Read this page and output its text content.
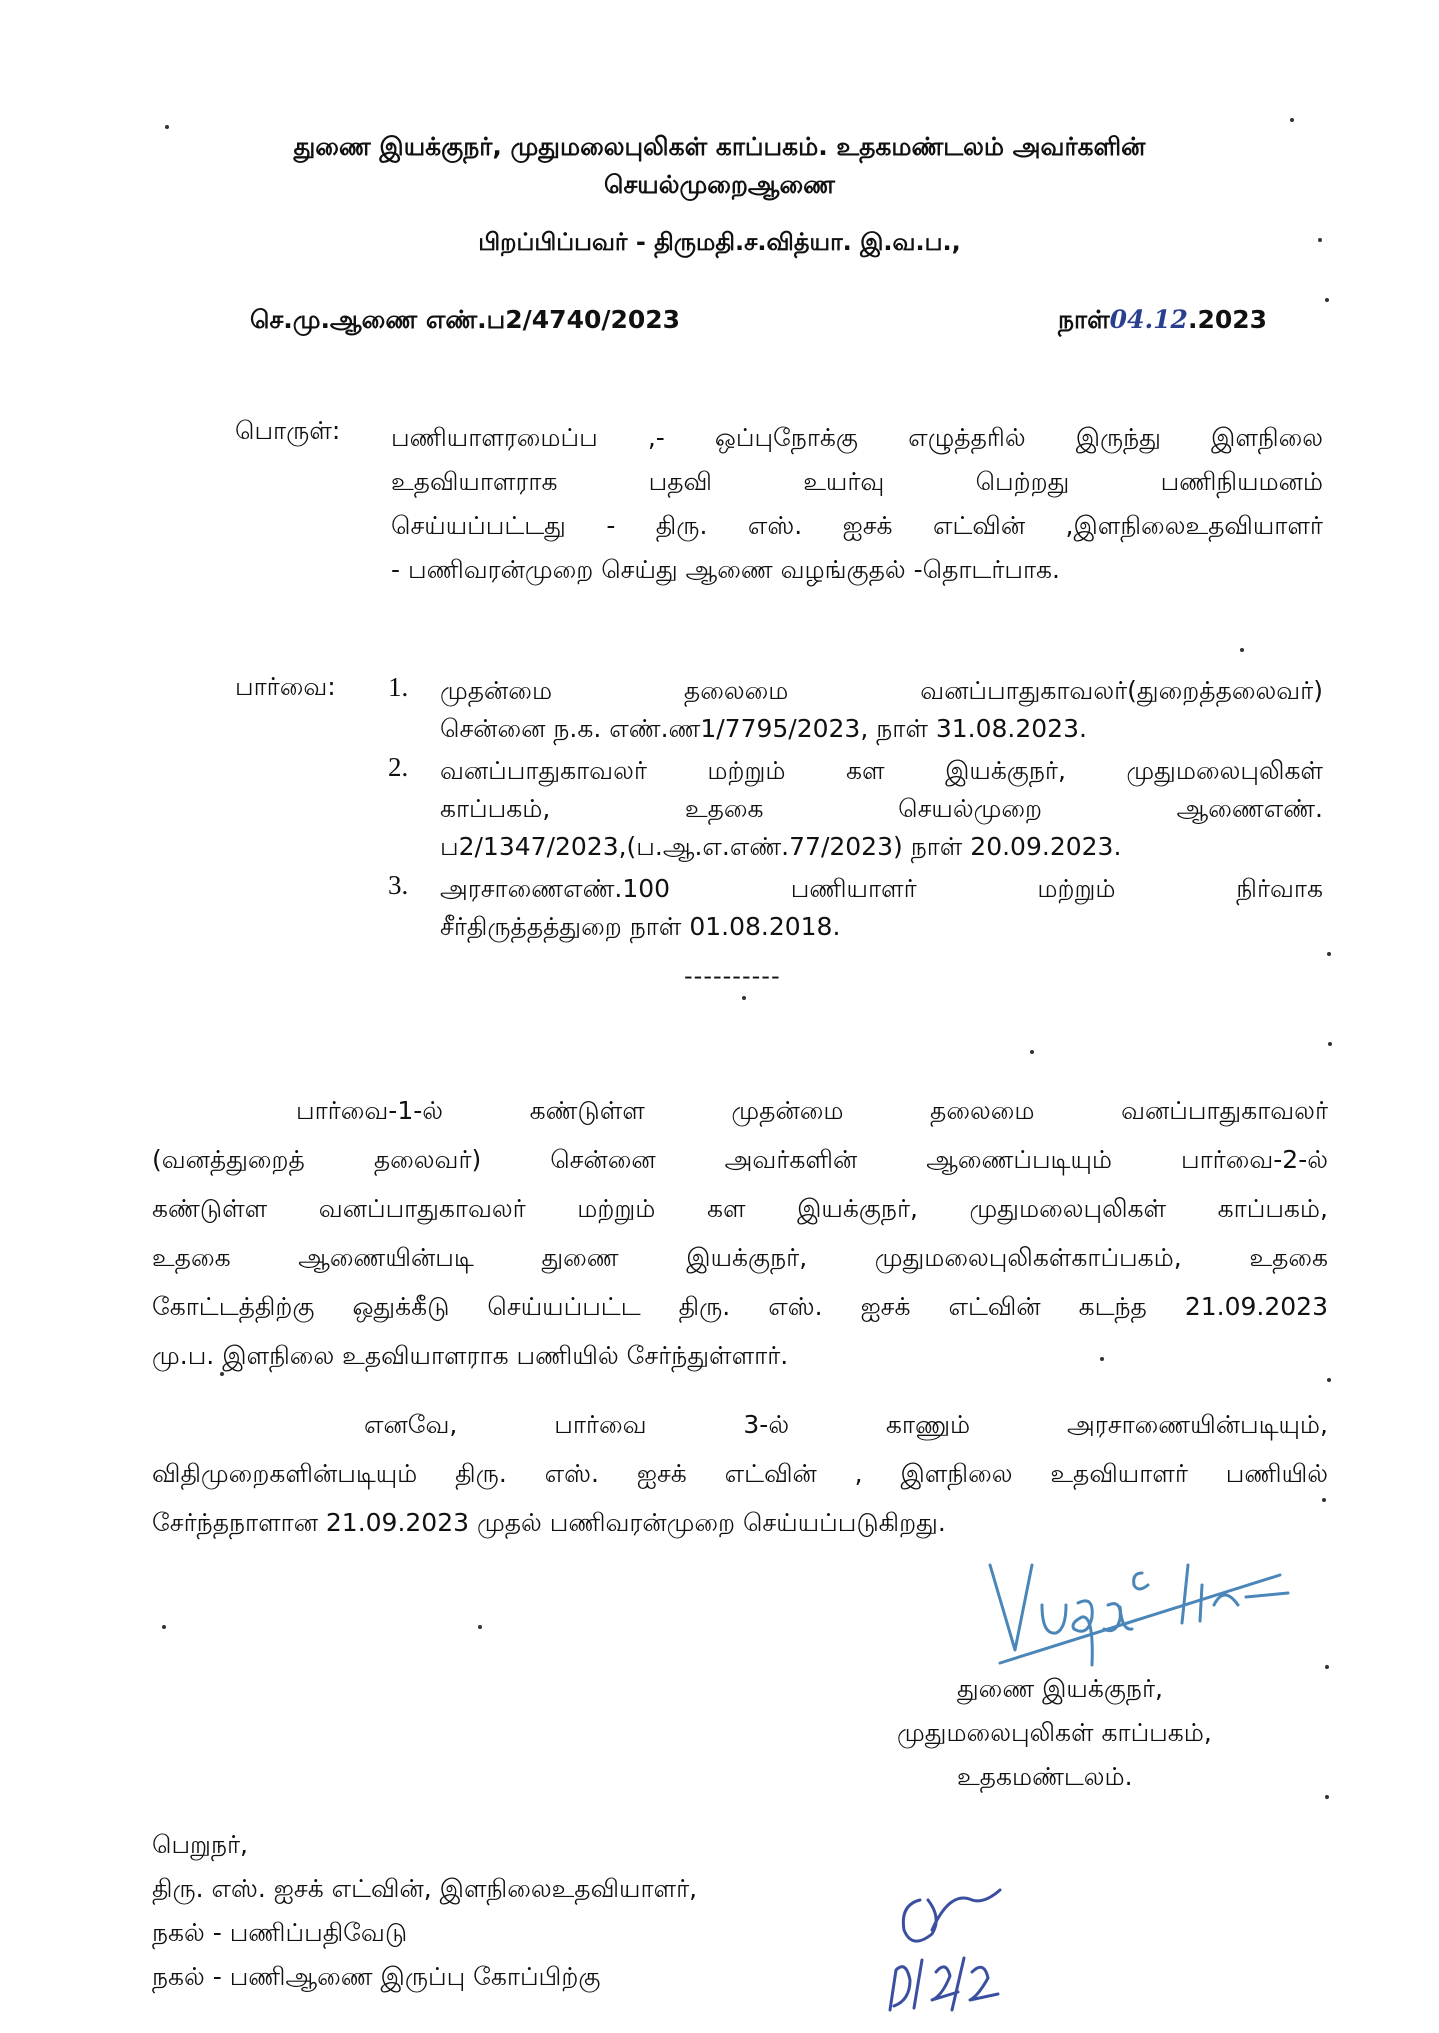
துணை இயக்குநர், முதுமலைபுலிகள் காப்பகம். உதகமண்டலம் அவர்களின்
செயல்முறைஆணை
பிறப்பிப்பவர் - திருமதி.ச.வித்யா. இ.வ.ப.,
செ.மு.ஆணை எண்.ப2/4740/2023	நாள்04.12.2023
பொருள்: பணியாளரமைப்ப ,- ஒப்புநோக்கு எழுத்தரில் இருந்து இளநிலை
உதவியாளராக பதவி உயர்வு பெற்றது பணிநியமனம்
செய்யப்பட்டது - திரு. எஸ். ஐசக் எட்வின் ,இளநிலைஉதவியாளர்
- பணிவரன்முறை செய்து ஆணை வழங்குதல் -தொடர்பாக.
பார்வை: 1. முதன்மை தலைமை வனப்பாதுகாவலர்(துறைத்தலைவர்)
சென்னை ந.க. எண்.ண1/7795/2023, நாள் 31.08.2023.
2. வனப்பாதுகாவலர் மற்றும் கள இயக்குநர், முதுமலைபுலிகள்
காப்பகம், உதகை செயல்முறை ஆணைஎண்.
ப2/1347/2023,(ப.ஆ.எ.எண்.77/2023) நாள் 20.09.2023.
3. அரசாணைஎண்.100 பணியாளர் மற்றும் நிர்வாக
சீர்திருத்தத்துறை நாள் 01.08.2018.
----------
பார்வை-1-ல் கண்டுள்ள முதன்மை தலைமை வனப்பாதுகாவலர்
(வனத்துறைத் தலைவர்) சென்னை அவர்களின் ஆணைப்படியும் பார்வை-2-ல்
கண்டுள்ள வனப்பாதுகாவலர் மற்றும் கள இயக்குநர், முதுமலைபுலிகள் காப்பகம்,
உதகை ஆணையின்படி துணை இயக்குநர், முதுமலைபுலிகள்காப்பகம், உதகை
கோட்டத்திற்கு ஒதுக்கீடு செய்யப்பட்ட திரு. எஸ். ஐசக் எட்வின் கடந்த 21.09.2023
மு.ப. இளநிலை உதவியாளராக பணியில் சேர்ந்துள்ளார்.
எனவே, பார்வை 3-ல் காணும் அரசாணையின்படியும்,
விதிமுறைகளின்படியும் திரு. எஸ். ஐசக் எட்வின் , இளநிலை உதவியாளர் பணியில்
சேர்ந்தநாளான 21.09.2023 முதல் பணிவரன்முறை செய்யப்படுகிறது.
துணை இயக்குநர்,
முதுமலைபுலிகள் காப்பகம்,
உதகமண்டலம்.
பெறுநர்,
திரு. எஸ். ஐசக் எட்வின், இளநிலைஉதவியாளர்,
நகல் - பணிப்பதிவேடு
நகல் - பணிஆணை இருப்பு கோப்பிற்கு
